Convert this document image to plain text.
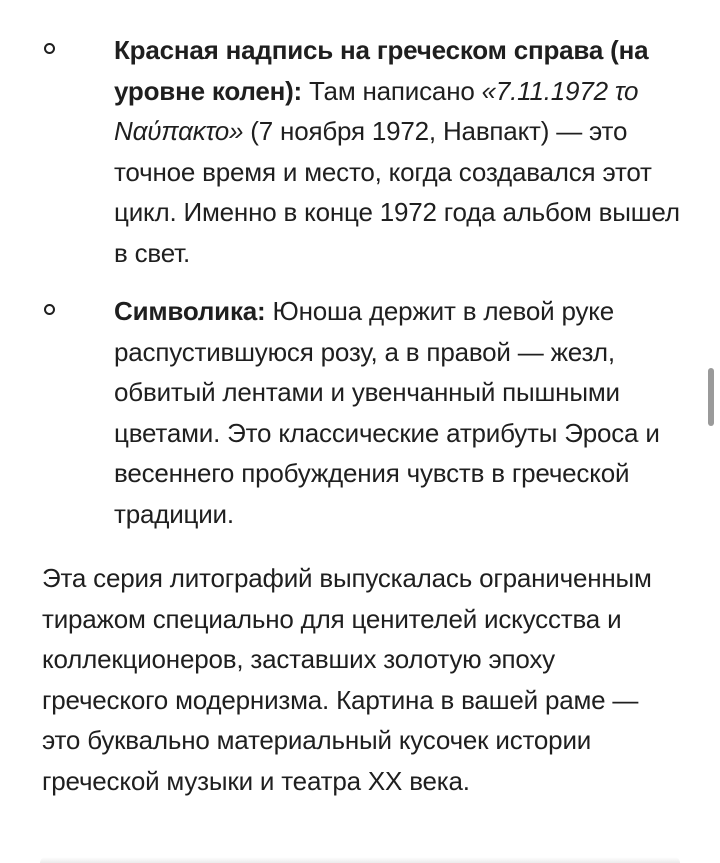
Красная надпись на греческом справа (на уровне колен): Там написано «7.11.1972 το Ναύπακτο» (7 ноября 1972, Навпакт) — это точное время и место, когда создавался этот цикл. Именно в конце 1972 года альбом вышел в свет.
Символика: Юноша держит в левой руке распустившуюся розу, а в правой — жезл, обвитый лентами и увенчанный пышными цветами. Это классические атрибуты Эроса и весеннего пробуждения чувств в греческой традиции.

Эта серия литографий выпускалась ограниченным тиражом специально для ценителей искусства и коллекционеров, заставших золотую эпоху греческого модернизма. Картина в вашей раме — это буквально материальный кусочек истории греческой музыки и театра XX века.
